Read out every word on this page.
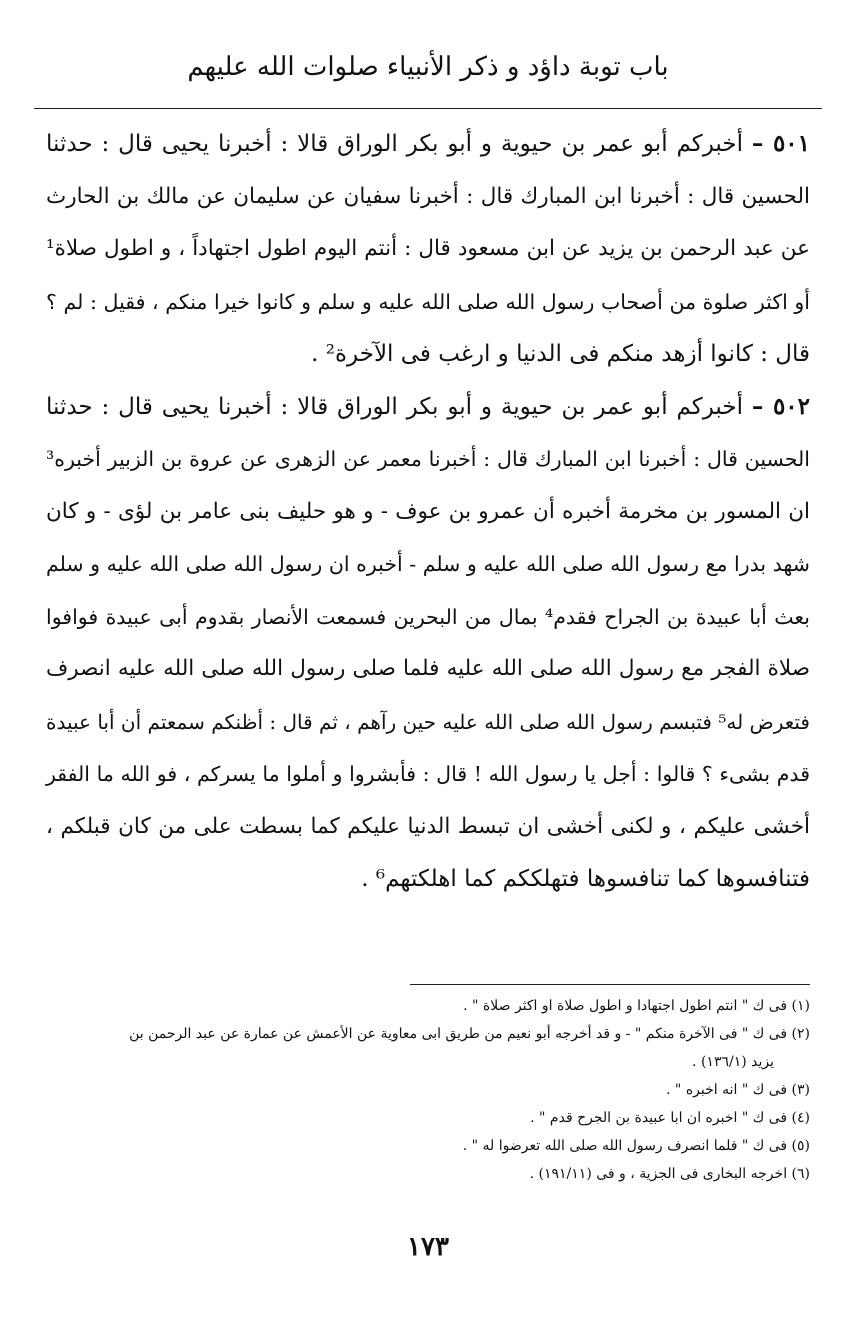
باب توبة داؤد و ذكر الأنبياء صلوات الله عليهم
٥٠١ – أخبركم أبو عمر بن حيوية و أبو بكر الوراق قالا : أخبرنا يحيى قال : حدثنا
الحسين قال : أخبرنا ابن المبارك قال : أخبرنا سفيان عن سليمان عن مالك بن الحارث
عن عبد الرحمن بن يزيد عن ابن مسعود قال : أنتم اليوم اطول اجتهاداً ، و اطول صلاة¹
أو اكثر صلوة من أصحاب رسول الله صلى الله عليه و سلم و كانوا خيرا منكم ، فقيل : لم ؟
قال : كانوا أزهد منكم فى الدنيا و ارغب فى الآخرة² .
٥٠٢ – أخبركم أبو عمر بن حيوية و أبو بكر الوراق قالا : أخبرنا يحيى قال : حدثنا
الحسين قال : أخبرنا ابن المبارك قال : أخبرنا معمر عن الزهرى عن عروة بن الزبير أخبره³
ان المسور بن مخرمة أخبره أن عمرو بن عوف - و هو حليف بنى عامر بن لؤى - و كان
شهد بدرا مع رسول الله صلى الله عليه و سلم - أخبره ان رسول الله صلى الله عليه و سلم
بعث أبا عبيدة بن الجراح فقدم⁴ بمال من البحرين فسمعت الأنصار بقدوم أبى عبيدة فوافوا
صلاة الفجر مع رسول الله صلى الله عليه فلما صلى رسول الله صلى الله عليه انصرف
فتعرض له⁵ فتبسم رسول الله صلى الله عليه حين رآهم ، ثم قال : أظنكم سمعتم أن أبا عبيدة
قدم بشىء ؟ قالوا : أجل يا رسول الله ! قال : فأبشروا و أملوا ما يسركم ، فو الله ما الفقر
أخشى عليكم ، و لكنى أخشى ان تبسط الدنيا عليكم كما بسطت على من كان قبلكم ،
فتنافسوها كما تنافسوها فتهلككم كما اهلكتهم⁶ .
(١) فى ك " انتم اطول اجتهادا و اطول صلاة او اكثر صلاة " .
(٢) فى ك " فى الآخرة منكم " - و قد أخرجه أبو نعيم من طريق ابى معاوية عن الأعمش عن عمارة عن عبد الرحمن بن
يزيد (١٣٦/١) .
(٣) فى ك " انه اخبره " .
(٤) فى ك " اخبره ان ابا عبيدة بن الجرح قدم " .
(٥) فى ك " فلما انصرف رسول الله صلى الله تعرضوا له " .
(٦) اخرجه البخارى فى الجزية ، و فى (١٩١/١١) .
١٧٣
